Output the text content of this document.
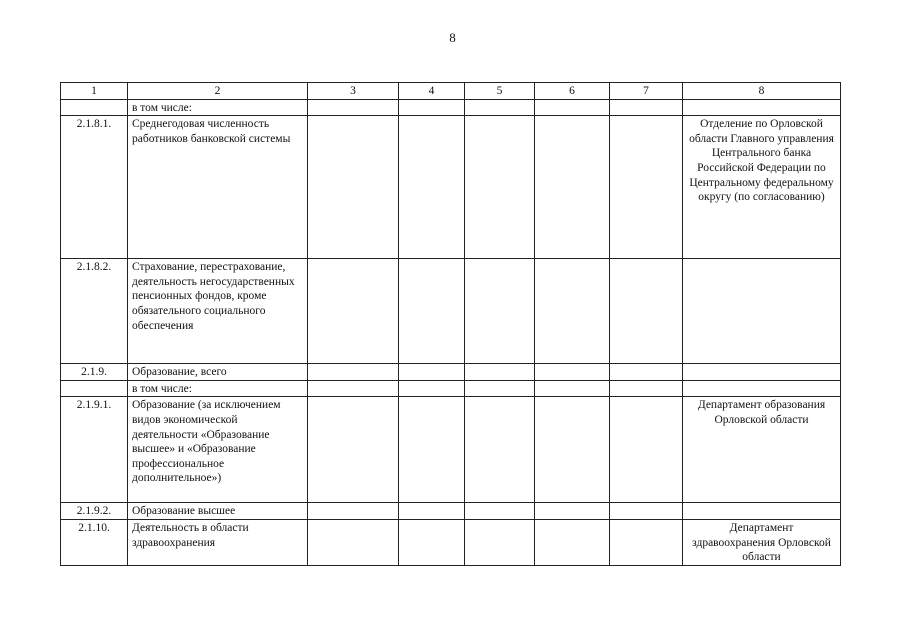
8
1	2	3	4	5	6	7	8
	в том числе:						
2.1.8.1.	Среднегодовая численность работников банковской системы						Отделение по Орловской области Главного управления Центрального банка Российской Федерации по Центральному федеральному округу (по согласованию)
2.1.8.2.	Страхование, перестрахование, деятельность негосударственных пенсионных фондов, кроме обязательного социального обеспечения						
2.1.9.	Образование, всего						
	в том числе:						
2.1.9.1.	Образование (за исключением видов экономической деятельности «Образование высшее» и «Образование профессиональное дополнительное»)						Департамент образования Орловской области
2.1.9.2.	Образование высшее						
2.1.10.	Деятельность в области здравоохранения						Департамент здравоохранения Орловской области
